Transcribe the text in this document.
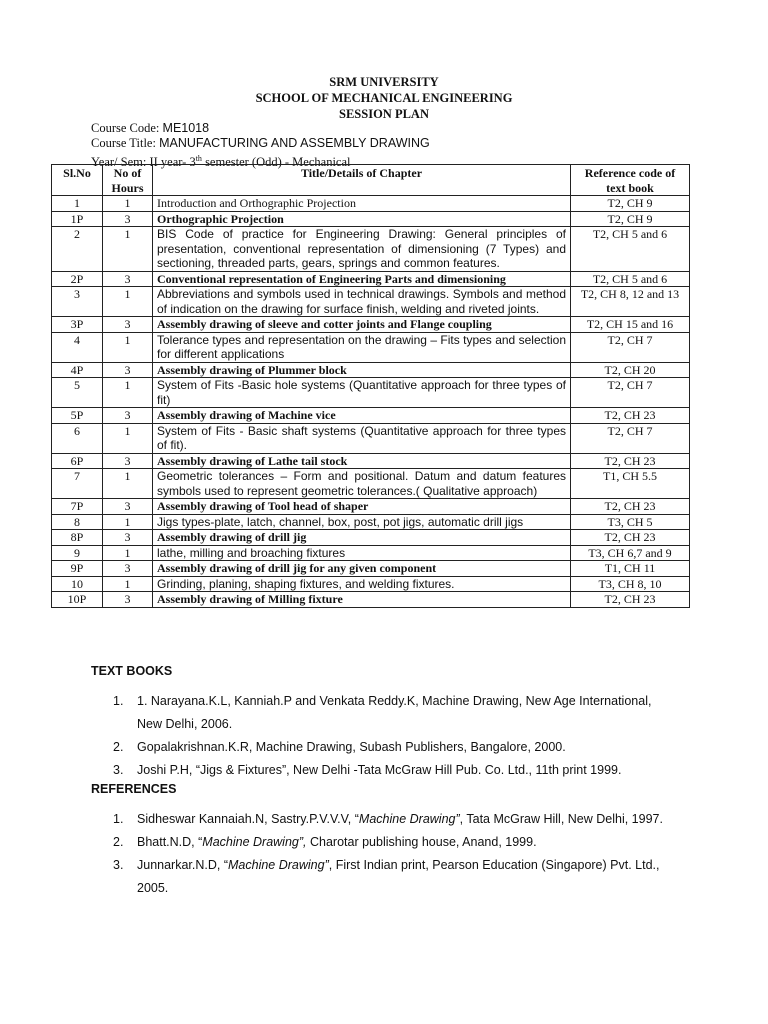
SRM UNIVERSITY
SCHOOL OF MECHANICAL ENGINEERING
SESSION PLAN
Course Code: ME1018
Course Title: MANUFACTURING AND ASSEMBLY DRAWING
Year/ Sem: II year- 3th semester (Odd) - Mechanical
Sl.No	No of Hours	Title/Details of Chapter	Reference code of text book
1	1	Introduction and Orthographic Projection	T2, CH 9
1P	3	Orthographic Projection	T2, CH 9
2	1	BIS Code of practice for Engineering Drawing: General principles of presentation, conventional representation of dimensioning (7 Types) and sectioning, threaded parts, gears, springs and common features.	T2, CH 5 and 6
2P	3	Conventional representation of Engineering Parts and dimensioning	T2, CH 5 and 6
3	1	Abbreviations and symbols used in technical drawings. Symbols and method of indication on the drawing for surface finish, welding and riveted joints.	T2, CH 8, 12 and 13
3P	3	Assembly drawing of sleeve and cotter joints and Flange coupling	T2, CH 15 and 16
4	1	Tolerance types and representation on the drawing – Fits types and selection for different applications	T2, CH 7
4P	3	Assembly drawing of Plummer block	T2, CH 20
5	1	System of Fits -Basic hole systems (Quantitative approach for three types of fit)	T2, CH 7
5P	3	Assembly drawing of Machine vice	T2, CH 23
6	1	System of Fits - Basic shaft systems (Quantitative approach for three types of fit).	T2, CH 7
6P	3	Assembly drawing of Lathe tail stock	T2, CH 23
7	1	Geometric tolerances – Form and positional. Datum and datum features symbols used to represent geometric tolerances.( Qualitative approach)	T1, CH 5.5
7P	3	Assembly drawing of Tool head of shaper	T2, CH 23
8	1	Jigs types-plate, latch, channel, box, post, pot jigs, automatic drill jigs	T3, CH 5
8P	3	Assembly drawing of drill jig	T2, CH 23
9	1	lathe, milling and broaching fixtures	T3, CH 6,7 and 9
9P	3	Assembly drawing of drill jig for any given component	T1, CH 11
10	1	Grinding, planing, shaping fixtures, and welding fixtures.	T3, CH 8, 10
10P	3	Assembly drawing of Milling fixture	T2, CH 23
TEXT BOOKS
1. 1. Narayana.K.L, Kanniah.P and Venkata Reddy.K, Machine Drawing, New Age International, New Delhi, 2006.
2. Gopalakrishnan.K.R, Machine Drawing, Subash Publishers, Bangalore, 2000.
3. Joshi P.H, “Jigs & Fixtures”, New Delhi -Tata McGraw Hill Pub. Co. Ltd., 11th print 1999.
REFERENCES
1. Sidheswar Kannaiah.N, Sastry.P.V.V.V, “Machine Drawing”, Tata McGraw Hill, New Delhi, 1997.
2. Bhatt.N.D, “Machine Drawing”, Charotar publishing house, Anand, 1999.
3. Junnarkar.N.D, “Machine Drawing”, First Indian print, Pearson Education (Singapore) Pvt. Ltd., 2005.
